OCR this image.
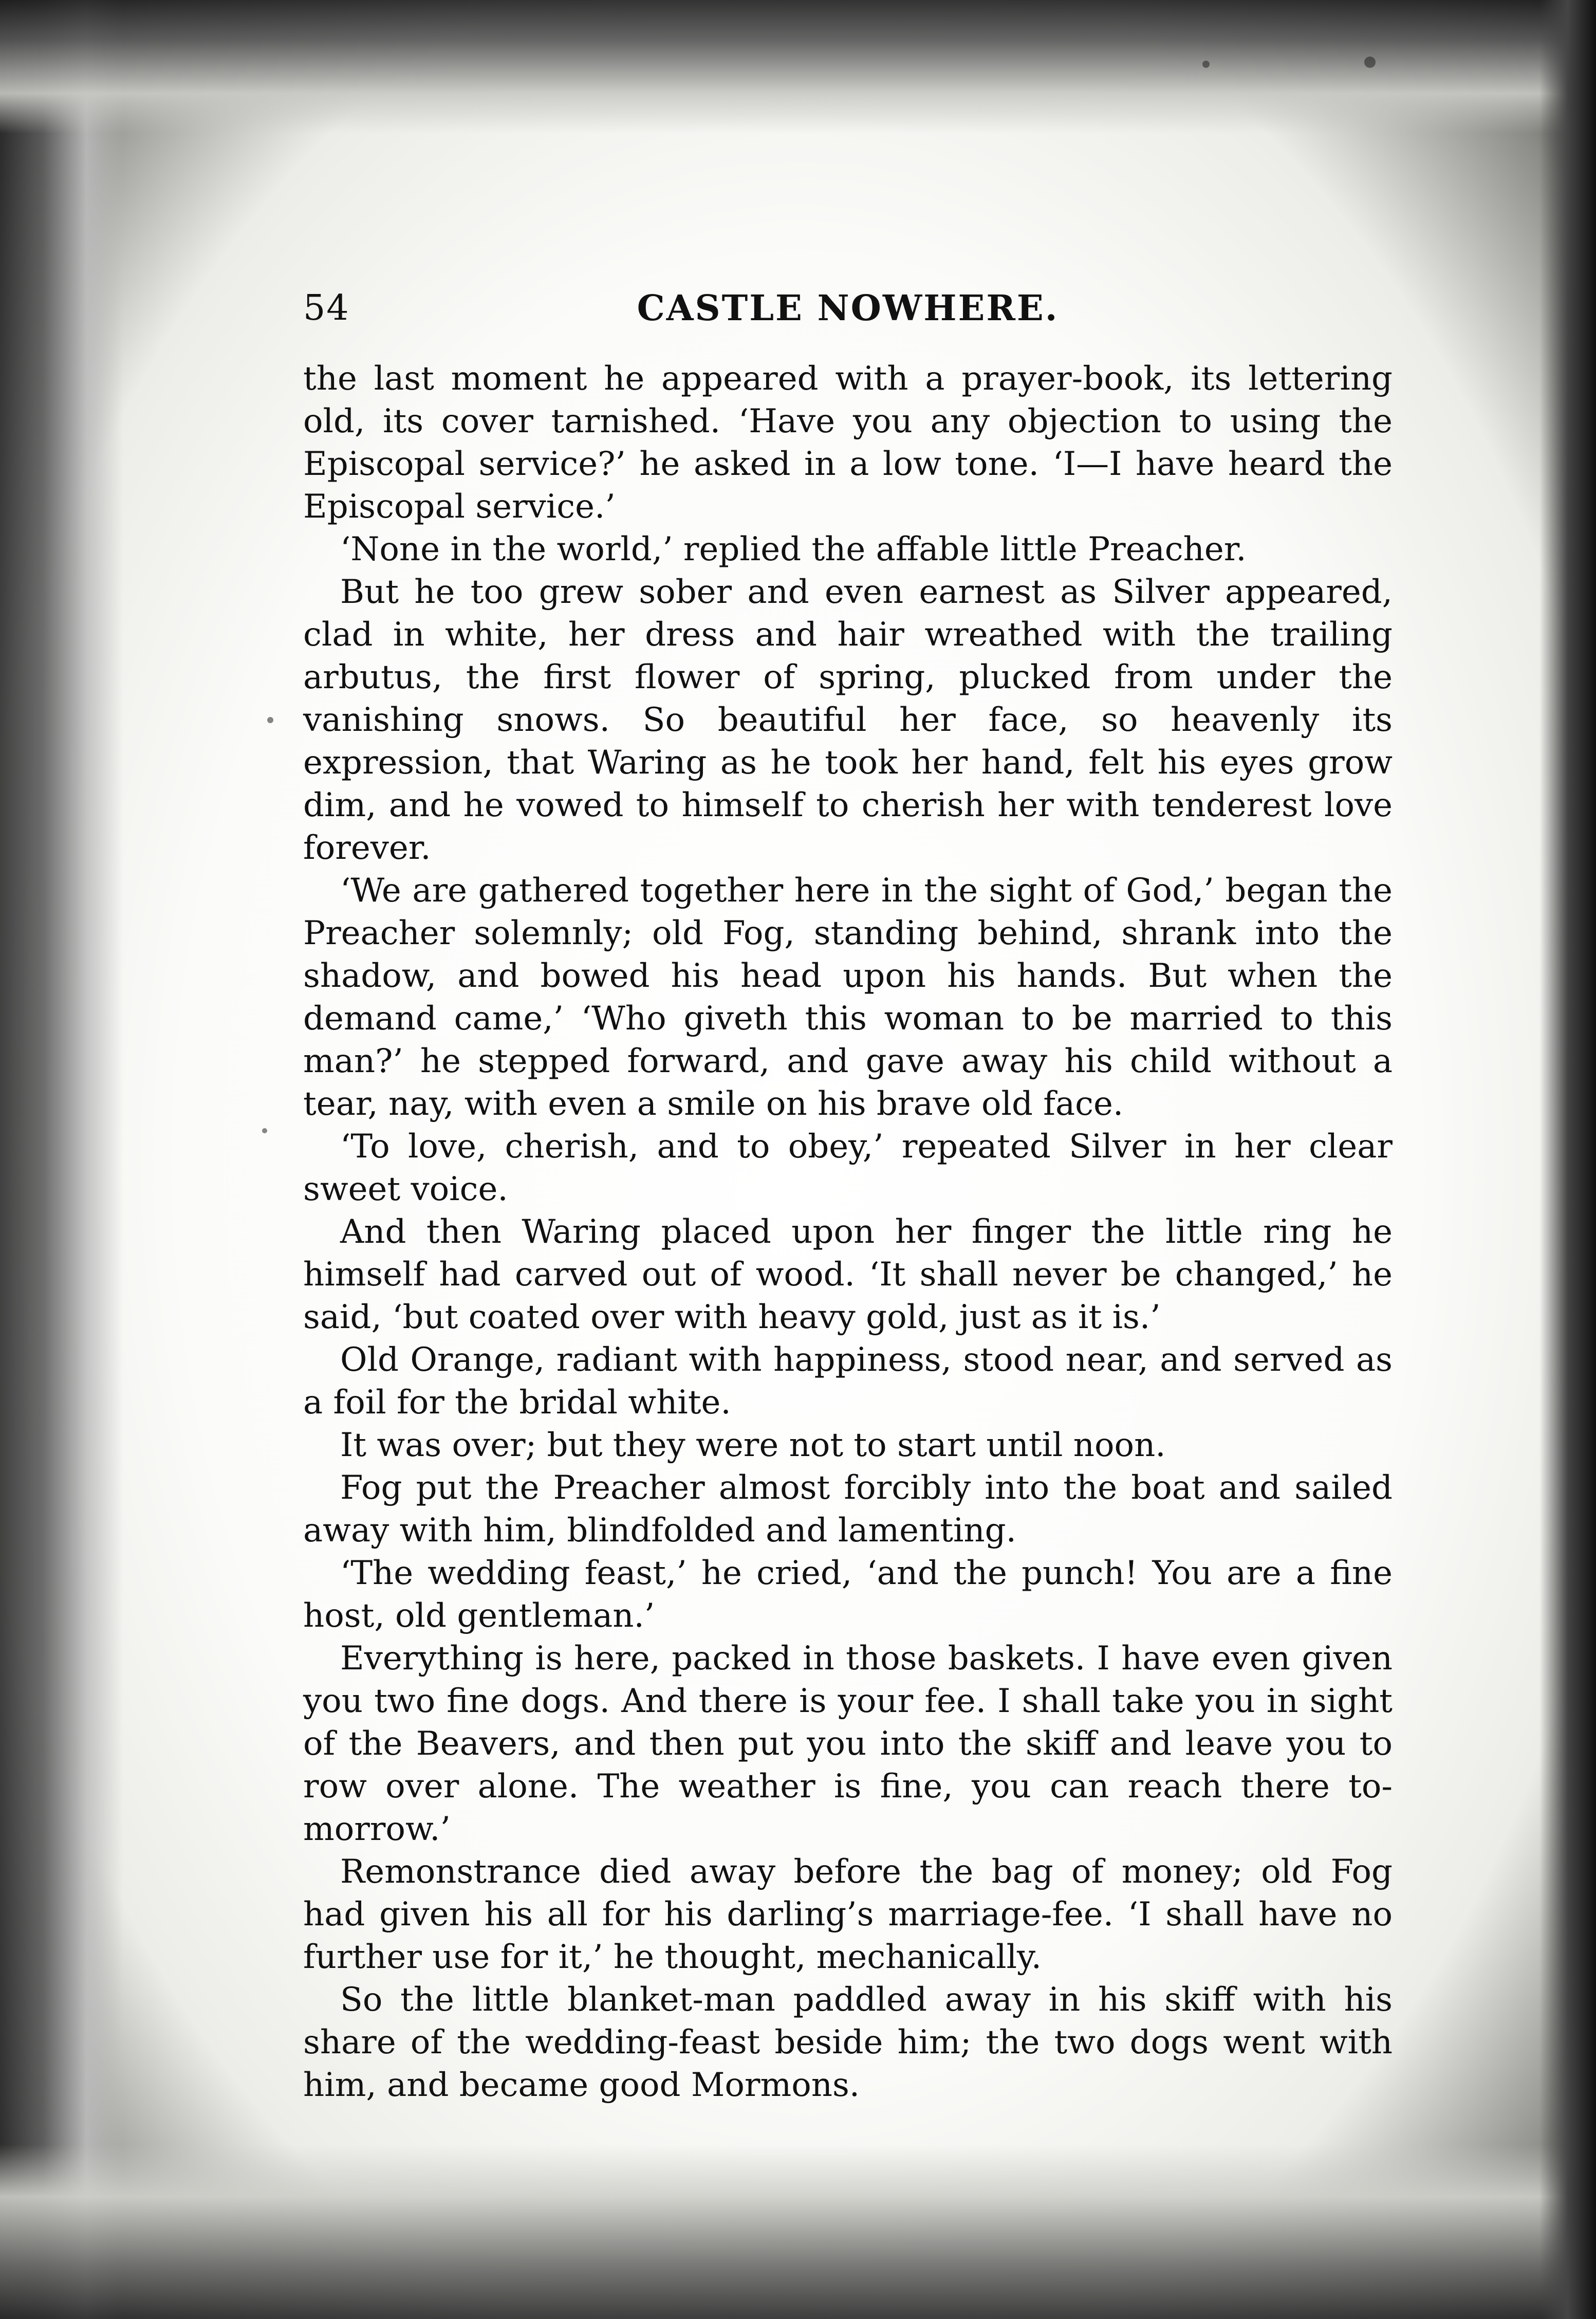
54	CASTLE NOWHERE.

the last moment he appeared with a prayer-book, its lettering old, its cover tarnished. ‘Have you any objection to using the Episcopal service?’ he asked in a low tone. ‘I—I have heard the Episcopal service.’

‘None in the world,’ replied the affable little Preacher.

But he too grew sober and even earnest as Silver appeared, clad in white, her dress and hair wreathed with the trailing arbutus, the first flower of spring, plucked from under the vanishing snows. So beautiful her face, so heavenly its expression, that Waring as he took her hand, felt his eyes grow dim, and he vowed to himself to cherish her with tenderest love forever.

‘We are gathered together here in the sight of God,’ began the Preacher solemnly; old Fog, standing behind, shrank into the shadow, and bowed his head upon his hands. But when the demand came,’ ‘Who giveth this woman to be married to this man?’ he stepped forward, and gave away his child without a tear, nay, with even a smile on his brave old face.

‘To love, cherish, and to obey,’ repeated Silver in her clear sweet voice.

And then Waring placed upon her finger the little ring he himself had carved out of wood. ‘It shall never be changed,’ he said, ‘but coated over with heavy gold, just as it is.’

Old Orange, radiant with happiness, stood near, and served as a foil for the bridal white.

It was over; but they were not to start until noon.

Fog put the Preacher almost forcibly into the boat and sailed away with him, blindfolded and lamenting.

‘The wedding feast,’ he cried, ‘and the punch! You are a fine host, old gentleman.’

Everything is here, packed in those baskets. I have even given you two fine dogs. And there is your fee. I shall take you in sight of the Beavers, and then put you into the skiff and leave you to row over alone. The weather is fine, you can reach there to-morrow.’

Remonstrance died away before the bag of money; old Fog had given his all for his darling’s marriage-fee. ‘I shall have no further use for it,’ he thought, mechanically.

So the little blanket-man paddled away in his skiff with his share of the wedding-feast beside him; the two dogs went with him, and became good Mormons.
